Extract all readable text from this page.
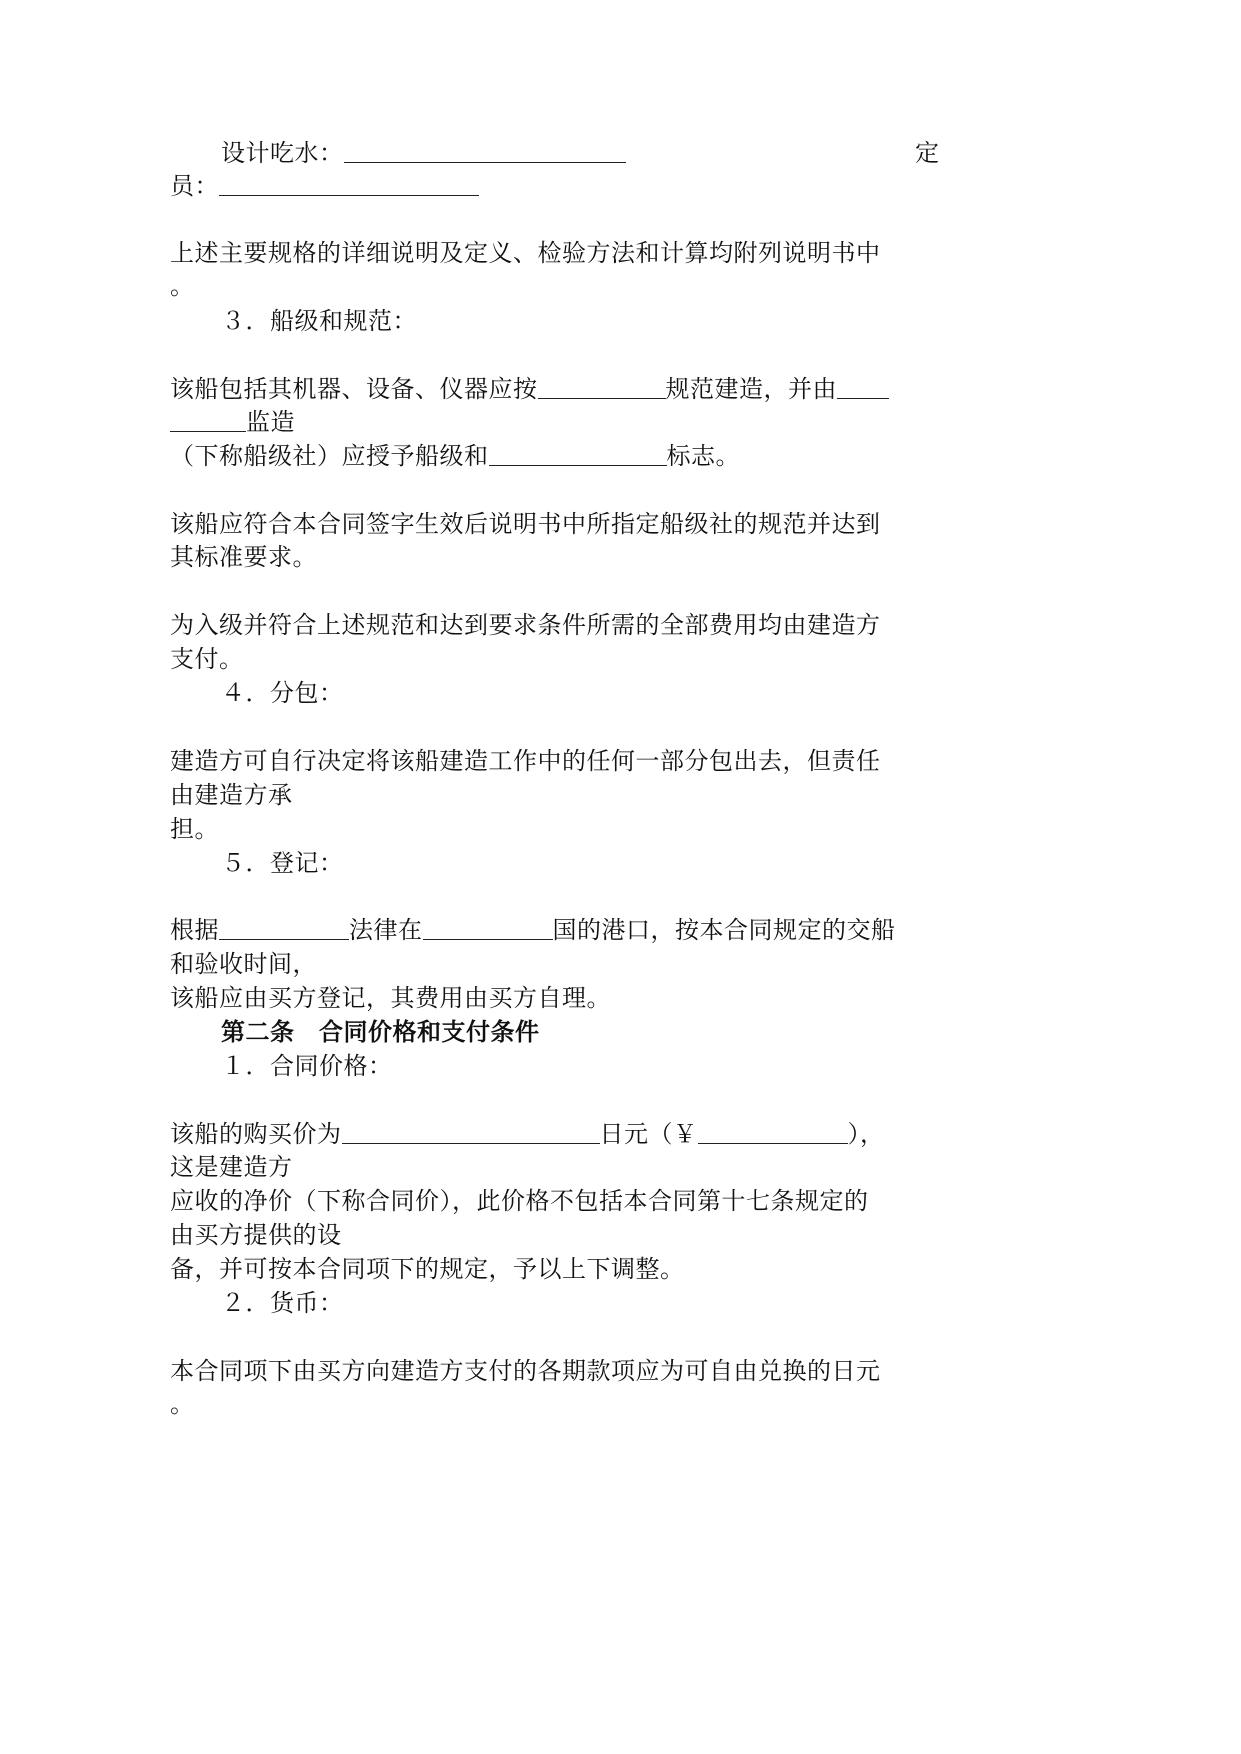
设计吃水：	定
员：
上述主要规格的详细说明及定义、检验方法和计算均附列说明书中
。
３．船级和规范：
该船包括其机器、设备、仪器应按	规范建造，并由
监造
（下称船级社）应授予船级和	标志。
该船应符合本合同签字生效后说明书中所指定船级社的规范并达到
其标准要求。
为入级并符合上述规范和达到要求条件所需的全部费用均由建造方
支付。
４．分包：
建造方可自行决定将该船建造工作中的任何一部分包出去，但责任
由建造方承
担。
５．登记：
根据	法律在	国的港口，按本合同规定的交船
和验收时间，
该船应由买方登记，其费用由买方自理。
第二条　合同价格和支付条件
１．合同价格：
该船的购买价为	日元（￥	），
这是建造方
应收的净价（下称合同价），此价格不包括本合同第十七条规定的
由买方提供的设
备，并可按本合同项下的规定，予以上下调整。
２．货币：
本合同项下由买方向建造方支付的各期款项应为可自由兑换的日元
。
